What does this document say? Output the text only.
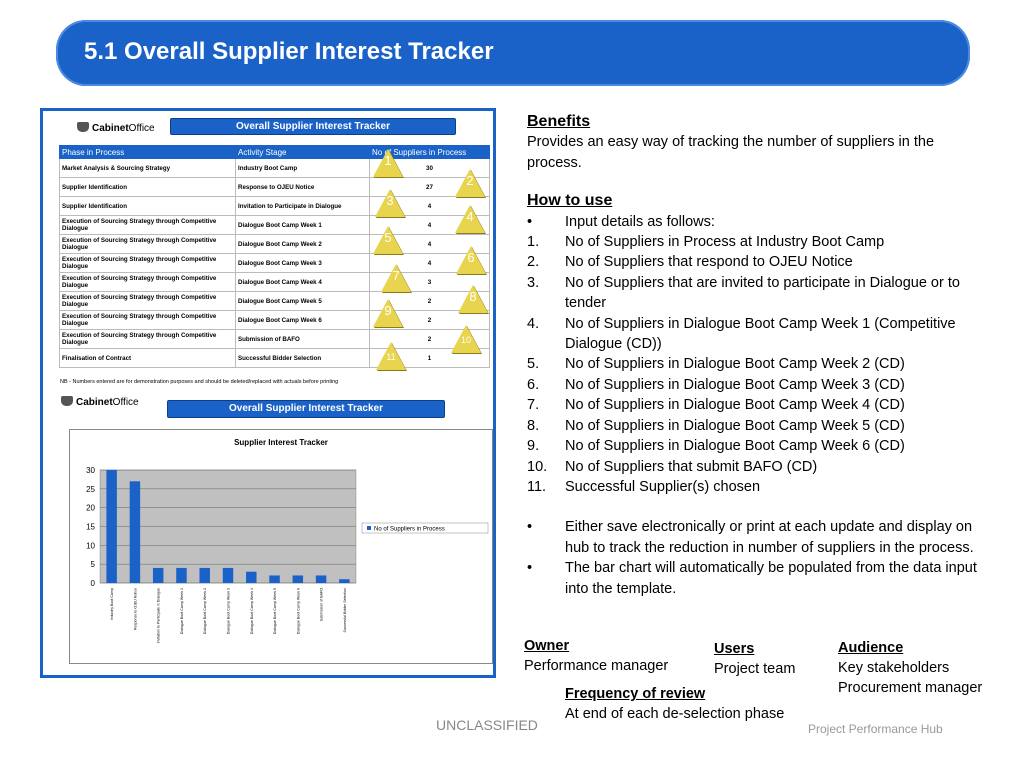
5.1 Overall Supplier Interest Tracker
CabinetOffice	Overall Supplier Interest Tracker
Phase in Process	Activity Stage	No of Suppliers in Process
Market Analysis & Sourcing Strategy	Industry Boot Camp	30
Supplier Identification	Response to OJEU Notice	27
Supplier Identification	Invitation to Participate in Dialogue	4
Execution of Sourcing Strategy through Competitive Dialogue	Dialogue Boot Camp Week 1	4
Execution of Sourcing Strategy through Competitive Dialogue	Dialogue Boot Camp Week 2	4
Execution of Sourcing Strategy through Competitive Dialogue	Dialogue Boot Camp Week 3	4
Execution of Sourcing Strategy through Competitive Dialogue	Dialogue Boot Camp Week 4	3
Execution of Sourcing Strategy through Competitive Dialogue	Dialogue Boot Camp Week 5	2
Execution of Sourcing Strategy through Competitive Dialogue	Dialogue Boot Camp Week 6	2
Execution of Sourcing Strategy through Competitive Dialogue	Submission of BAFO	2
Finalisation of Contract	Successful Bidder Selection	1
NB - Numbers entered are for demonstration purposes and should be deleted/replaced with actuals before printing
CabinetOffice
Overall Supplier Interest Tracker
Supplier Interest Tracker
0
5
10
15
20
25
30
Industry Boot Camp	Response to OJEU Notice	Invitation to Participate in Dialogue	Dialogue Boot Camp Week 1	Dialogue Boot Camp Week 2	Dialogue Boot Camp Week 3	Dialogue Boot Camp Week 4	Dialogue Boot Camp Week 5	Dialogue Boot Camp Week 6	Submission of BAFO	Successful Bidder Selection
No of Suppliers in Process
1
2
3
4
5
6
7
8
9
10
11
Benefits
Provides an easy way of tracking the number of suppliers in the process.
How to use
• Input details as follows:
1. No of Suppliers in Process at Industry Boot Camp
2. No of Suppliers that respond to OJEU Notice
3. No of Suppliers that are invited to participate in Dialogue or to tender
4. No of Suppliers in Dialogue Boot Camp Week 1 (Competitive Dialogue (CD))
5. No of Suppliers in Dialogue Boot Camp Week 2 (CD)
6. No of Suppliers in Dialogue Boot Camp Week 3 (CD)
7. No of Suppliers in Dialogue Boot Camp Week 4 (CD)
8. No of Suppliers in Dialogue Boot Camp Week 5 (CD)
9. No of Suppliers in Dialogue Boot Camp Week 6 (CD)
10. No of Suppliers that submit BAFO (CD)
11. Successful Supplier(s) chosen
• Either save electronically or print at each update and display on hub to track the reduction in number of suppliers in the process.
• The bar chart will automatically be populated from the data input into the template.
Owner
Performance manager
Users
Project team
Audience
Key stakeholders
Procurement manager
Frequency of review
At end of each de-selection phase
UNCLASSIFIED	Project Performance Hub
